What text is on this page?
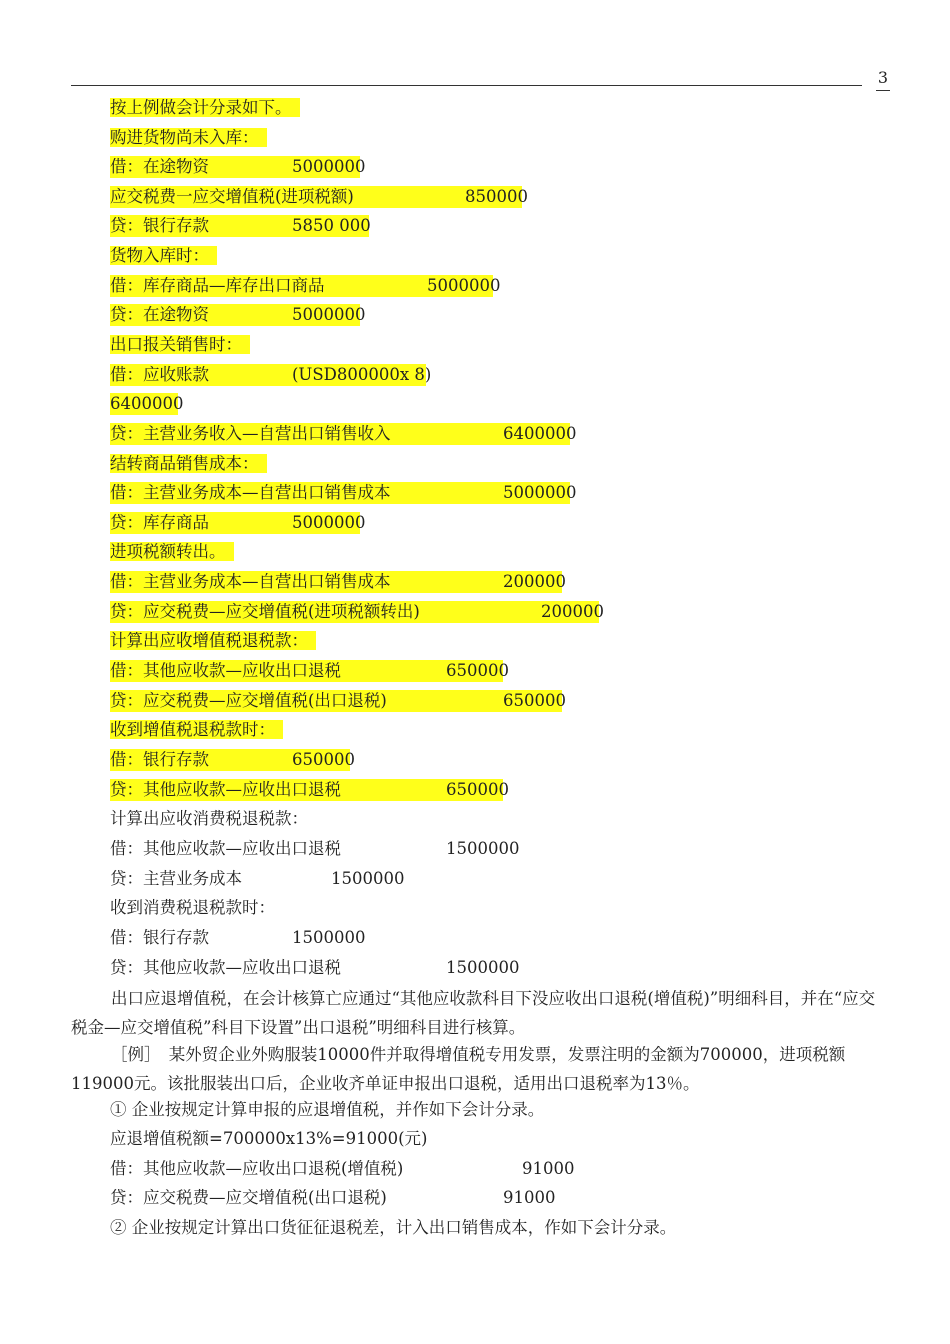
3
按上例做会计分录如下。　
购进货物尚未入库：　
借：在途物资	5000000
应交税费一应交增值税(进项税额)	850000
贷：银行存款	5850 000
货物入库时：　
借：库存商品—库存出口商品	5000000
贷：在途物资	5000000
出口报关销售时：　
借：应收账款	(USD800000x 8)
6400000
贷：主营业务收入—自营出口销售收入	6400000
结转商品销售成本：　
借：主营业务成本—自营出口销售成本	5000000
贷：库存商品	5000000
进项税额转出。　
借：主营业务成本—自营出口销售成本	200000
贷：应交税费—应交增值税(进项税额转出)	200000
计算出应收增值税退税款：　
借：其他应收款—应收出口退税	650000
贷：应交税费—应交增值税(出口退税)	650000
收到增值税退税款时：　
借：银行存款	650000
贷：其他应收款—应收出口退税	650000
计算出应收消费税退税款：
借：其他应收款—应收出口退税	1500000
贷：主营业务成本	1500000
收到消费税退税款时：
借：银行存款	1500000
贷：其他应收款—应收出口退税	1500000
出口应退增值税，在会计核算亡应通过“其他应收款科目下没应收出口退税(增值税)”明细科目，并在“应交税金—应交增值税”科目下设置”出口退税”明细科目进行核算。
［例］　某外贸企业外购服装10000件并取得增值税专用发票，发票注明的金额为700000，进项税额119000元。该批服装出口后，企业收齐单证申报出口退税，适用出口退税率为13％。
① 企业按规定计算申报的应退增值税，并作如下会计分录。
应退增值税额=700000x13%=91000(元)
借：其他应收款—应收出口退税(增值税)	91000
贷：应交税费—应交增值税(出口退税)	91000
② 企业按规定计算出口货征征退税差，计入出口销售成本，作如下会计分录。
